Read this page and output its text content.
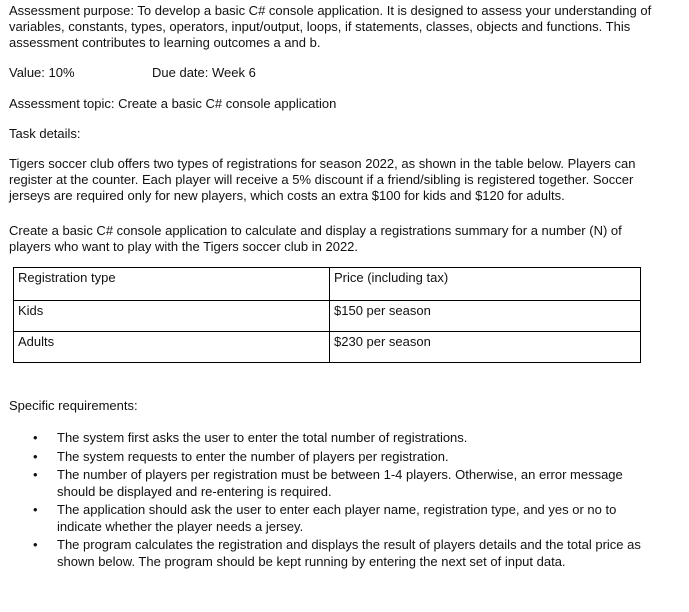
Assessment purpose: To develop a basic C# console application. It is designed to assess your understanding of variables, constants, types, operators, input/output, loops, if statements, classes, objects and functions. This assessment contributes to learning outcomes a and b.

Value: 10%	Due date: Week 6

Assessment topic: Create a basic C# console application

Task details:

Tigers soccer club offers two types of registrations for season 2022, as shown in the table below. Players can register at the counter. Each player will receive a 5% discount if a friend/sibling is registered together. Soccer jerseys are required only for new players, which costs an extra $100 for kids and $120 for adults.

Create a basic C# console application to calculate and display a registrations summary for a number (N) of players who want to play with the Tigers soccer club in 2022.

Registration type	Price (including tax)
Kids	$150 per season
Adults	$230 per season

Specific requirements:

• The system first asks the user to enter the total number of registrations.
• The system requests to enter the number of players per registration.
• The number of players per registration must be between 1-4 players. Otherwise, an error message should be displayed and re-entering is required.
• The application should ask the user to enter each player name, registration type, and yes or no to indicate whether the player needs a jersey.
• The program calculates the registration and displays the result of players details and the total price as shown below. The program should be kept running by entering the next set of input data.
